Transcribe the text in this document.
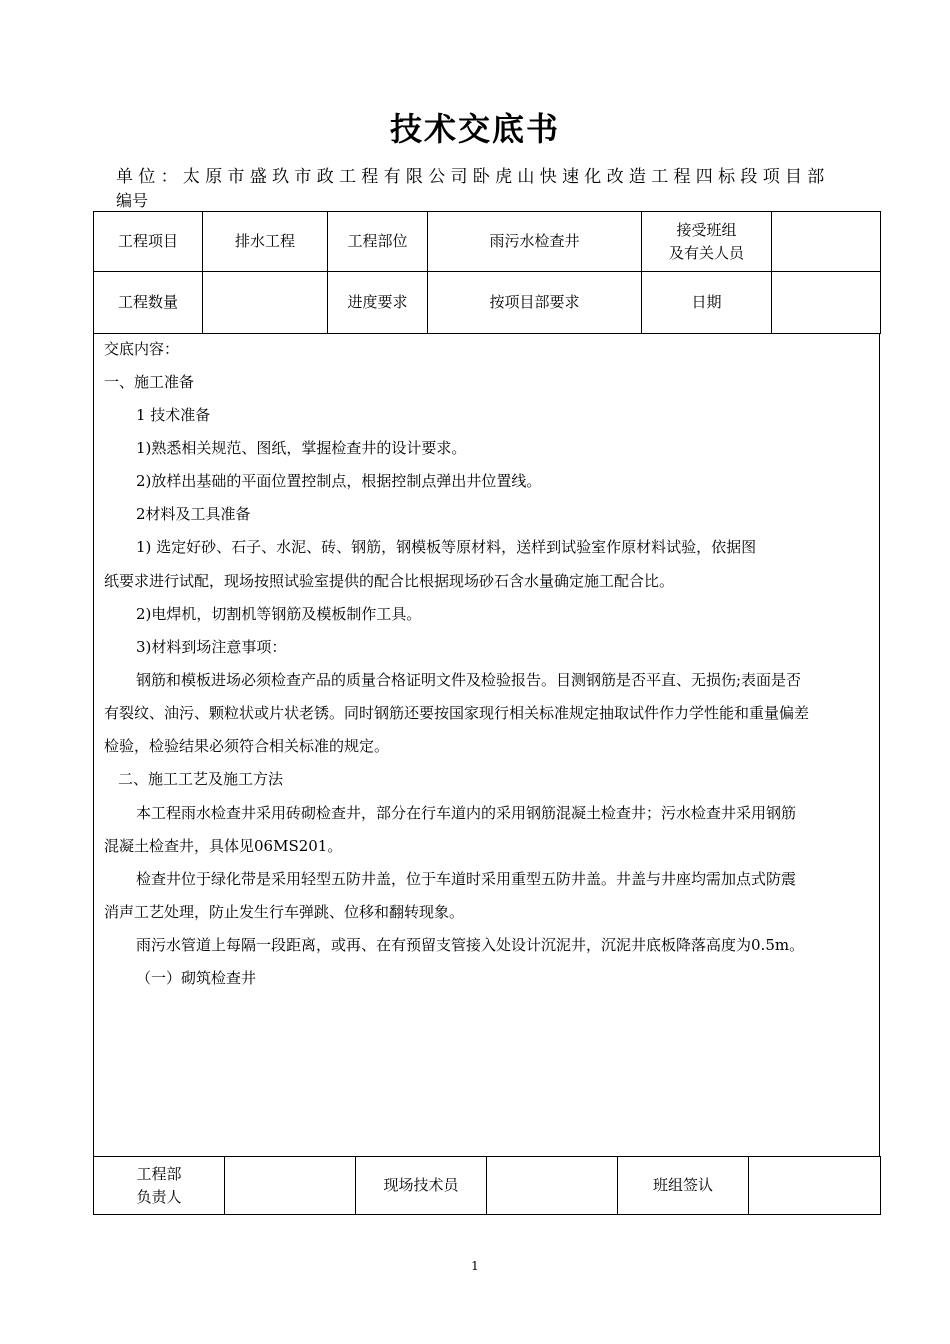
技术交底书
单位：太原市盛玖市政工程有限公司卧虎山快速化改造工程四标段项目部
编号
工程项目	排水工程	工程部位	雨污水检查井	接受班组
及有关人员	

工程数量		进度要求	按项目部要求	日期	
交底内容：
一、施工准备
1 技术准备
1)熟悉相关规范、图纸，掌握检查井的设计要求。
2)放样出基础的平面位置控制点，根据控制点弹出井位置线。
2材料及工具准备
1) 选定好砂、石子、水泥、砖、钢筋，钢模板等原材料，送样到试验室作原材料试验，依据图
纸要求进行试配，现场按照试验室提供的配合比根据现场砂石含水量确定施工配合比。
2)电焊机，切割机等钢筋及模板制作工具。
3)材料到场注意事项：
钢筋和模板进场必须检查产品的质量合格证明文件及检验报告。目测钢筋是否平直、无损伤;表面是否
有裂纹、油污、颗粒状或片状老锈。同时钢筋还要按国家现行相关标准规定抽取试件作力学性能和重量偏差
检验，检验结果必须符合相关标准的规定。
二、施工工艺及施工方法
本工程雨水检查井采用砖砌检查井，部分在行车道内的采用钢筋混凝土检查井；污水检查井采用钢筋
混凝土检查井，具体见06MS201。
检查井位于绿化带是采用轻型五防井盖，位于车道时采用重型五防井盖。井盖与井座均需加点式防震
消声工艺处理，防止发生行车弹跳、位移和翻转现象。
雨污水管道上每隔一段距离，或再、在有预留支管接入处设计沉泥井，沉泥井底板降落高度为0.5m。
（一）砌筑检查井
工程部
负责人
		现场技术员		班组签认	
1
